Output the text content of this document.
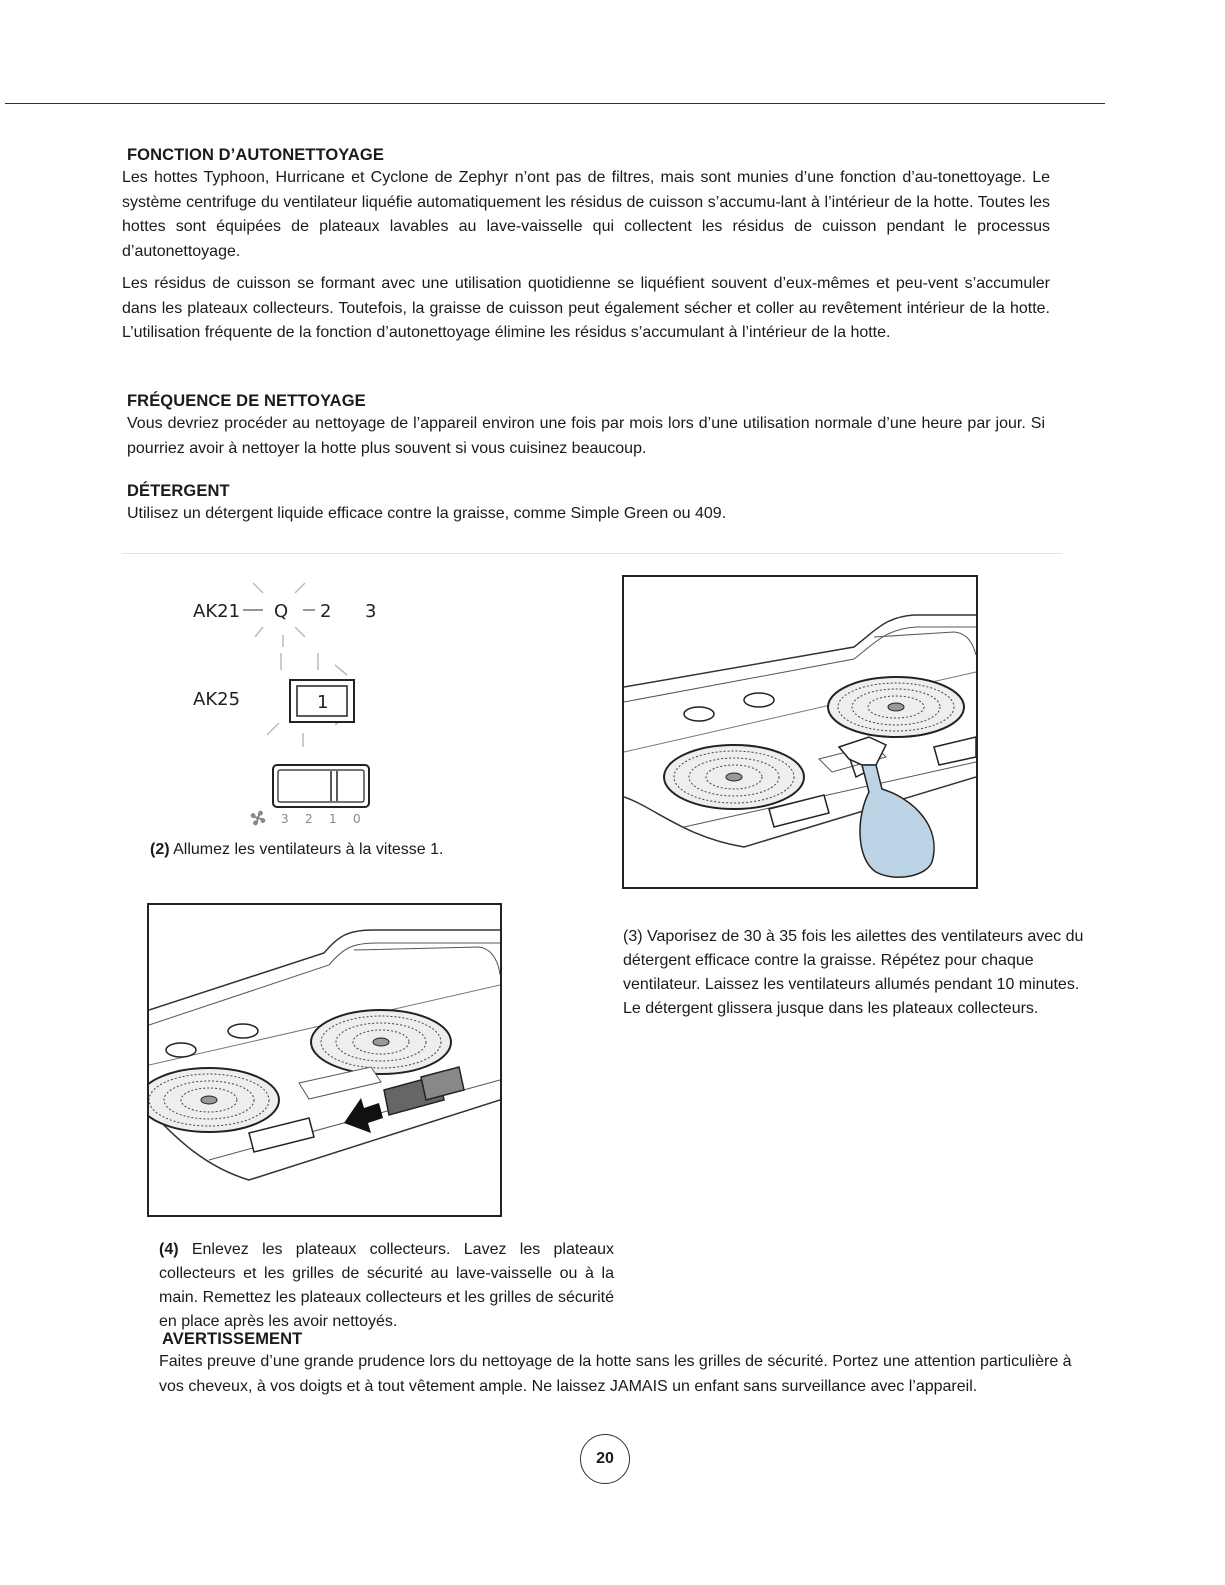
FONCTION D’AUTONETTOYAGE

Les hottes Typhoon, Hurricane et Cyclone de Zephyr n’ont pas de filtres, mais sont munies d’une fonction d’au-tonettoyage. Le système centrifuge du ventilateur liquéfie automatiquement les résidus de cuisson s’accumu-lant à l’intérieur de la hotte. Toutes les hottes sont équipées de plateaux lavables au lave-vaisselle qui collectent les résidus de cuisson pendant le processus d’autonettoyage.

Les résidus de cuisson se formant avec une utilisation quotidienne se liquéfient souvent d’eux-mêmes et peu-vent s’accumuler dans les plateaux collecteurs. Toutefois, la graisse de cuisson peut également sécher et coller au revêtement intérieur de la hotte. L’utilisation fréquente de la fonction d’autonettoyage élimine les résidus s’accumulant à l’intérieur de la hotte.

FRÉQUENCE DE NETTOYAGE

Vous devriez procéder au nettoyage de l’appareil environ une fois par mois lors d’une utilisation normale d’une heure par jour. Si pourriez avoir à nettoyer la hotte plus souvent si vous cuisinez beaucoup.

DÉTERGENT

Utilisez un détergent liquide efficace contre la graisse, comme Simple Green ou 409.

AK21 Q 2 3
AK25	1
3 2 1 0

(2) Allumez les ventilateurs à la vitesse 1.

(3) Vaporisez de 30 à 35 fois les ailettes des ventilateurs avec du détergent efficace contre la graisse. Répétez pour chaque ventilateur. Laissez les ventilateurs allumés pendant 10 minutes. Le détergent glissera jusque dans les plateaux collecteurs.

(4) Enlevez les plateaux collecteurs. Lavez les plateaux collecteurs et les grilles de sécurité au lave-vaisselle ou à la main. Remettez les plateaux collecteurs et les grilles de sécurité en place après les avoir nettoyés.

AVERTISSEMENT

Faites preuve d’une grande prudence lors du nettoyage de la hotte sans les grilles de sécurité. Portez une attention particulière à vos cheveux, à vos doigts et à tout vêtement ample. Ne laissez JAMAIS un enfant sans surveillance avec l’appareil.

20
